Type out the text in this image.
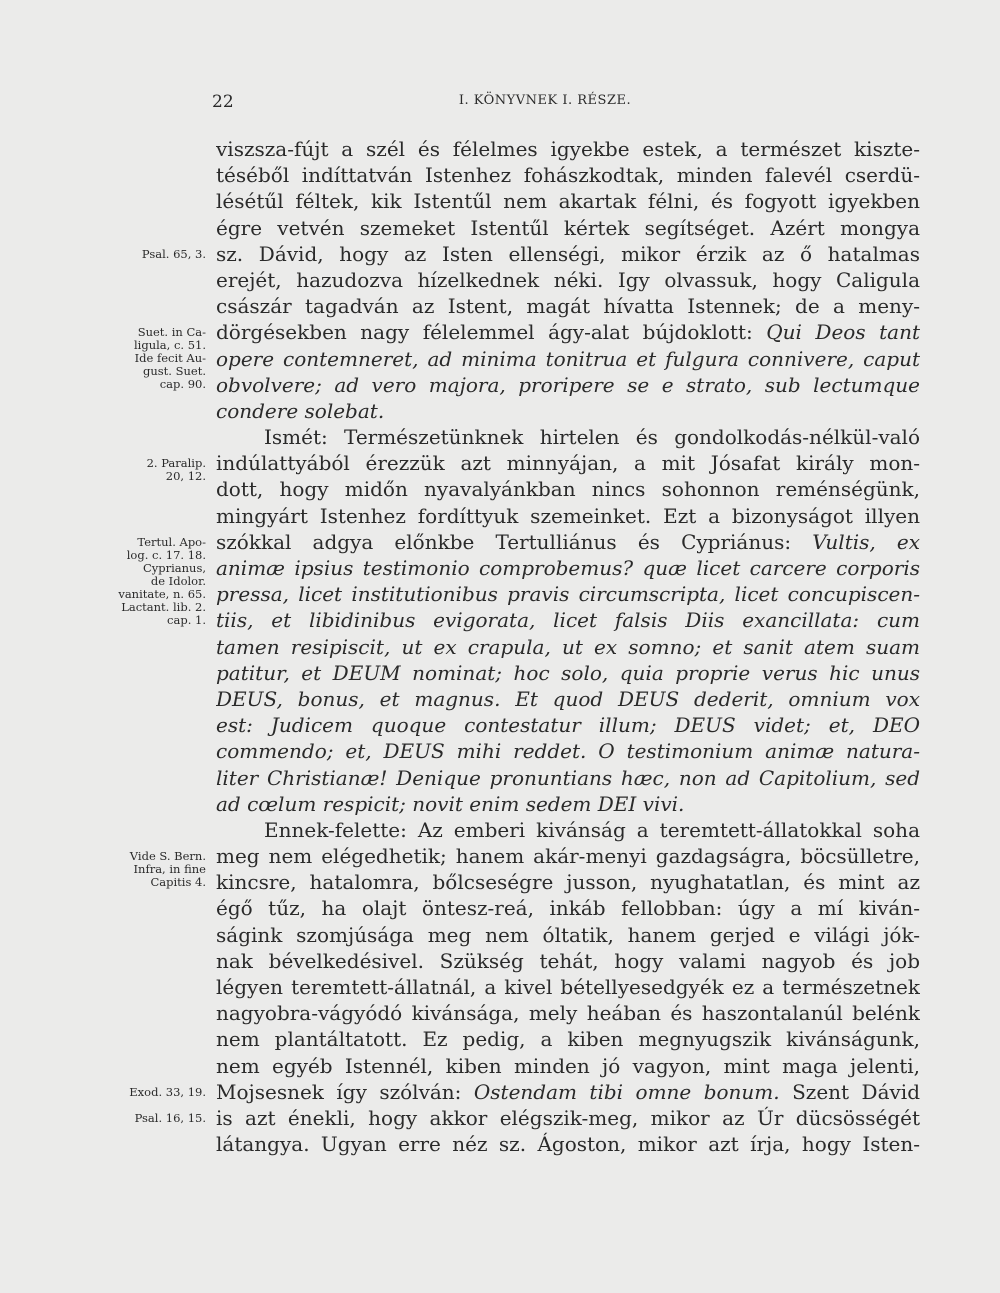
22	I. KÖNYVNEK I. RÉSZE.
viszsza-fújt a szél és félelmes igyekbe estek, a természet kiszte-
téséből indíttatván Istenhez fohászkodtak, minden falevél cserdü-
lésétűl féltek, kik Istentűl nem akartak félni, és fogyott igyekben
égre vetvén szemeket Istentűl kértek segítséget. Azért mongya
sz. Dávid, hogy az Isten ellenségi, mikor érzik az ő hatalmas
erejét, hazudozva hízelkednek néki. Igy olvassuk, hogy Caligula
császár tagadván az Istent, magát hívatta Istennek; de a meny-
dörgésekben nagy félelemmel ágy-alat bújdoklott: Qui Deos tant
opere contemneret, ad minima tonitrua et fulgura connivere, caput
obvolvere; ad vero majora, proripere se e strato, sub lectumque
condere solebat.
Ismét: Természetünknek hirtelen és gondolkodás-nélkül-való
indúlattyából érezzük azt minnyájan, a mit Jósafat király mon-
dott, hogy midőn nyavalyánkban nincs sohonnon reménségünk,
mingyárt Istenhez fordíttyuk szemeinket. Ezt a bizonyságot illyen
szókkal adgya előnkbe Tertulliánus és Cypriánus: Vultis, ex
animæ ipsius testimonio comprobemus? quæ licet carcere corporis
pressa, licet institutionibus pravis circumscripta, licet concupiscen-
tiis, et libidinibus evigorata, licet falsis Diis exancillata: cum
tamen resipiscit, ut ex crapula, ut ex somno; et sanit atem suam
patitur, et DEUM nominat; hoc solo, quia proprie verus hic unus
DEUS, bonus, et magnus. Et quod DEUS dederit, omnium vox
est: Judicem quoque contestatur illum; DEUS videt; et, DEO
commendo; et, DEUS mihi reddet. O testimonium animæ natura-
liter Christianæ! Denique pronuntians hæc, non ad Capitolium, sed
ad cœlum respicit; novit enim sedem DEI vivi.
Ennek-felette: Az emberi kivánság a teremtett-állatokkal soha
meg nem elégedhetik; hanem akár-menyi gazdagságra, böcsülletre,
kincsre, hatalomra, bőlcseségre jusson, nyughatatlan, és mint az
égő tűz, ha olajt öntesz-reá, inkáb fellobban: úgy a mí kiván-
ságink szomjúsága meg nem óltatik, hanem gerjed e világi jók-
nak bévelkedésivel. Szükség tehát, hogy valami nagyob és job
légyen teremtett-állatnál, a kivel bétellyesedgyék ez a természetnek
nagyobra-vágyódó kivánsága, mely heában és haszontalanúl belénk
nem plantáltatott. Ez pedig, a kiben megnyugszik kivánságunk,
nem egyéb Istennél, kiben minden jó vagyon, mint maga jelenti,
Mojsesnek így szólván: Ostendam tibi omne bonum. Szent Dávid
is azt énekli, hogy akkor elégszik-meg, mikor az Úr dücsösségét
látangya. Ugyan erre néz sz. Ágoston, mikor azt írja, hogy Isten-
Psal. 65, 3.
Suet. in Ca-
ligula, c. 51.
Ide fecit Au-
gust. Suet.
cap. 90.
2. Paralip.
20, 12.
Tertul. Apo-
log. c. 17. 18.
Cyprianus,
de Idolor.
vanitate, n. 65.
Lactant. lib. 2.
cap. 1.
Vide S. Bern.
Infra, in fine
Capitis 4.
Exod. 33, 19.
Psal. 16, 15.
